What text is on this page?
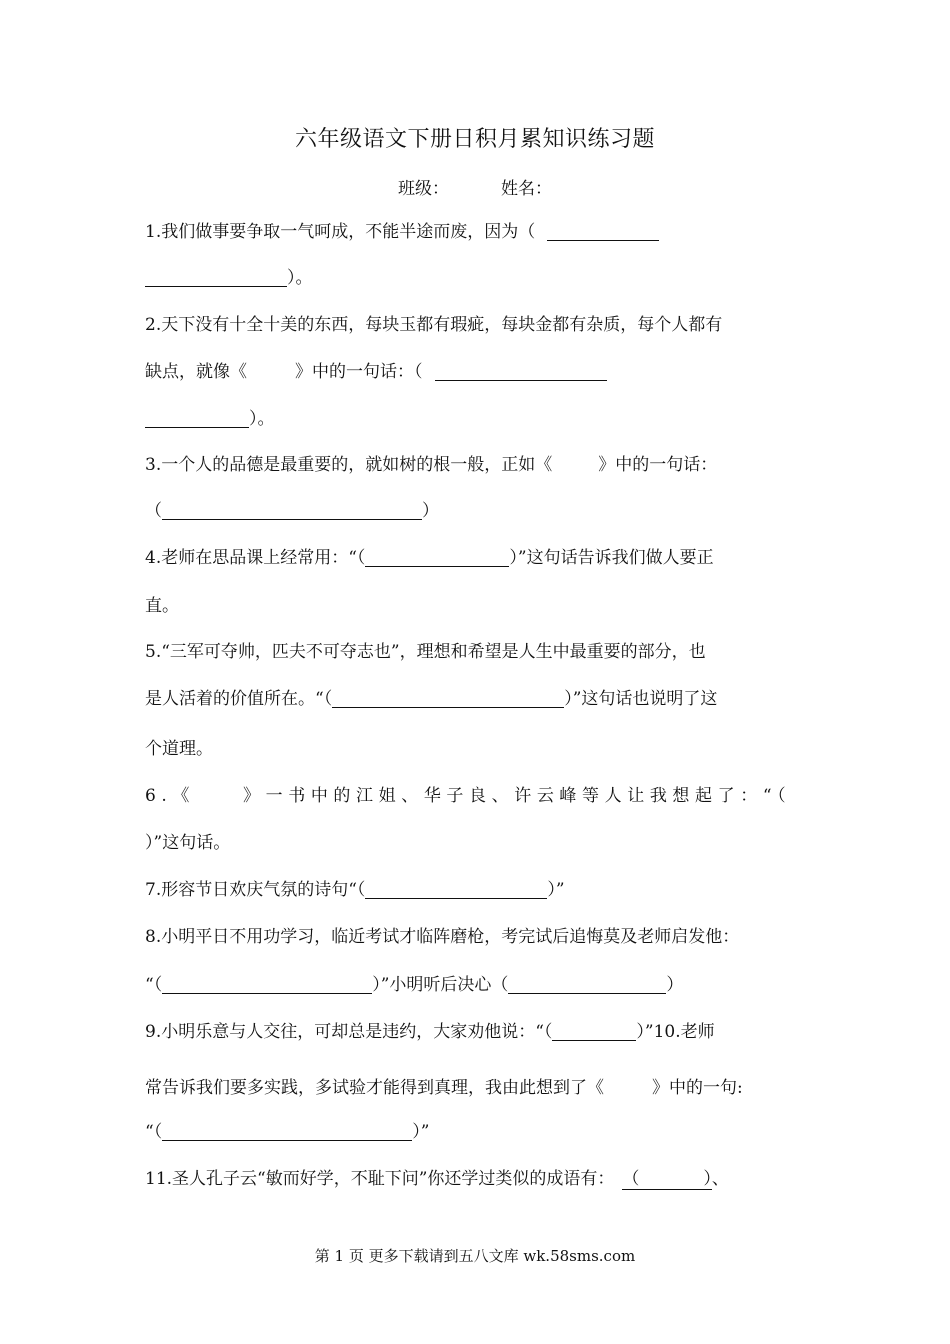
六年级语文下册日积月累知识练习题
班级：	姓名：
1.我们做事要争取一气呵成，不能半途而废，因为（
）。
2.天下没有十全十美的东西，每块玉都有瑕疵，每块金都有杂质，每个人都有
缺点，就像《	》中的一句话：（
）。
3.一个人的品德是最重要的，就如树的根一般，正如《	》中的一句话：
（	）
4.老师在思品课上经常用：“（	）”这句话告诉我们做人要正
直。
5.“三军可夺帅，匹夫不可夺志也”，理想和希望是人生中最重要的部分，也
是人活着的价值所在。“（	）”这句话也说明了这
个道理。
6.《	》一书中的江姐、华子良、许云峰等人让我想起了：“（
）”这句话。
7.形容节日欢庆气氛的诗句“（	）”
8.小明平日不用功学习，临近考试才临阵磨枪，考完试后追悔莫及老师启发他：
“（	）”小明听后决心（	）
9.小明乐意与人交往，可却总是违约，大家劝他说：“（	）”10.老师
常告诉我们要多实践，多试验才能得到真理，我由此想到了《	》中的一句:
“（	）”
11.圣人孔子云“敏而好学，不耻下问”你还学过类似的成语有： （	）、
第 1 页 更多下载请到五八文库 wk.58sms.com
